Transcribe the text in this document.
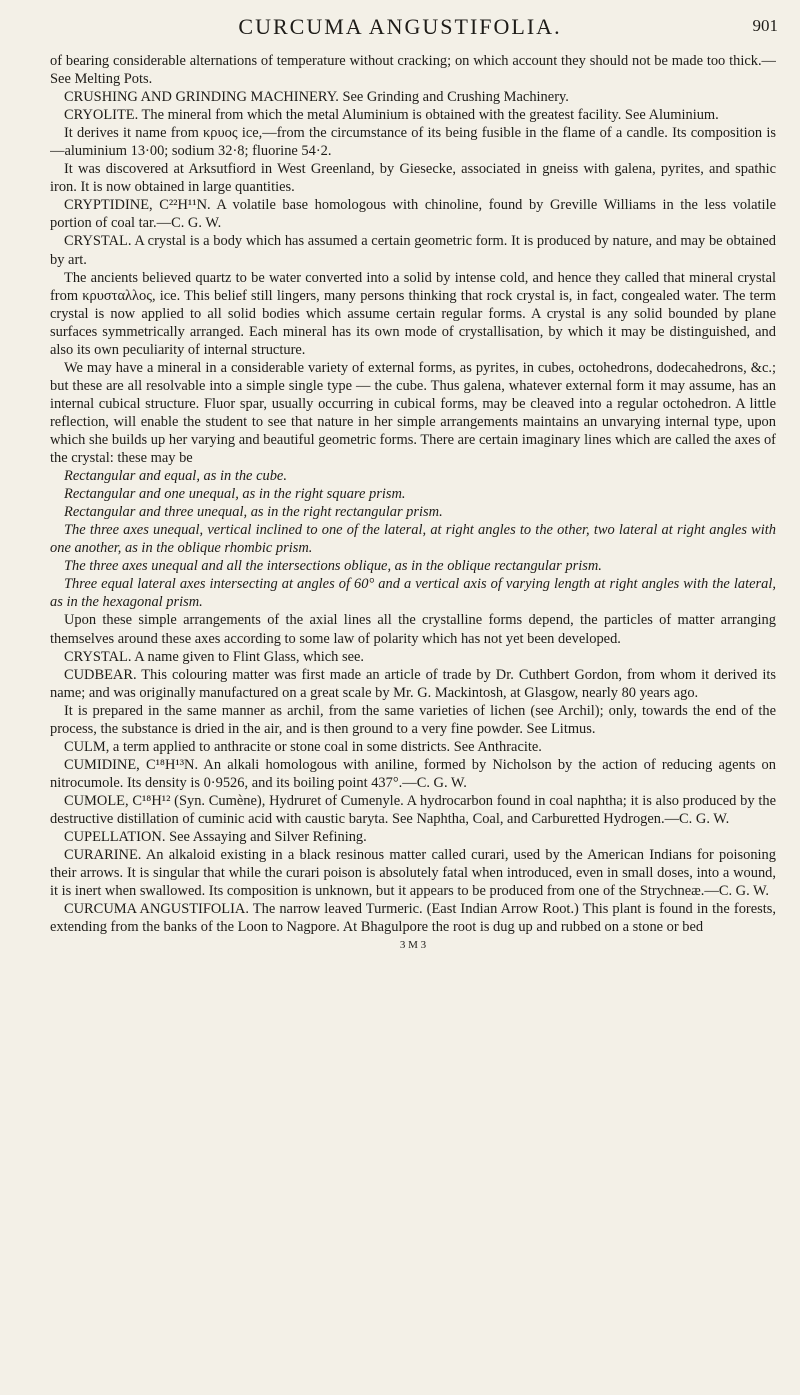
CURCUMA ANGUSTIFOLIA.	901

of bearing considerable alternations of temperature without cracking; on which account they should not be made too thick.—See Melting Pots.

CRUSHING AND GRINDING MACHINERY. See Grinding and Crushing Machinery.

CRYOLITE. The mineral from which the metal Aluminium is obtained with the greatest facility. See Aluminium.

It derives it name from κρυος ice,—from the circumstance of its being fusible in the flame of a candle. Its composition is—aluminium 13·00; sodium 32·8; fluorine 54·2.

It was discovered at Arksutfiord in West Greenland, by Giesecke, associated in gneiss with galena, pyrites, and spathic iron. It is now obtained in large quantities.

CRYPTIDINE, C²²H¹¹N. A volatile base homologous with chinoline, found by Greville Williams in the less volatile portion of coal tar.—C. G. W.

CRYSTAL. A crystal is a body which has assumed a certain geometric form. It is produced by nature, and may be obtained by art.

The ancients believed quartz to be water converted into a solid by intense cold, and hence they called that mineral crystal from κρυσταλλος, ice. This belief still lingers, many persons thinking that rock crystal is, in fact, congealed water. The term crystal is now applied to all solid bodies which assume certain regular forms. A crystal is any solid bounded by plane surfaces symmetrically arranged. Each mineral has its own mode of crystallisation, by which it may be distinguished, and also its own peculiarity of internal structure.

We may have a mineral in a considerable variety of external forms, as pyrites, in cubes, octohedrons, dodecahedrons, &c.; but these are all resolvable into a simple single type — the cube. Thus galena, whatever external form it may assume, has an internal cubical structure. Fluor spar, usually occurring in cubical forms, may be cleaved into a regular octohedron. A little reflection, will enable the student to see that nature in her simple arrangements maintains an unvarying internal type, upon which she builds up her varying and beautiful geometric forms. There are certain imaginary lines which are called the axes of the crystal: these may be

Rectangular and equal, as in the cube.

Rectangular and one unequal, as in the right square prism.

Rectangular and three unequal, as in the right rectangular prism.

The three axes unequal, vertical inclined to one of the lateral, at right angles to the other, two lateral at right angles with one another, as in the oblique rhombic prism.

The three axes unequal and all the intersections oblique, as in the oblique rectangular prism.

Three equal lateral axes intersecting at angles of 60° and a vertical axis of varying length at right angles with the lateral, as in the hexagonal prism.

Upon these simple arrangements of the axial lines all the crystalline forms depend, the particles of matter arranging themselves around these axes according to some law of polarity which has not yet been developed.

CRYSTAL. A name given to Flint Glass, which see.

CUDBEAR. This colouring matter was first made an article of trade by Dr. Cuthbert Gordon, from whom it derived its name; and was originally manufactured on a great scale by Mr. G. Mackintosh, at Glasgow, nearly 80 years ago.

It is prepared in the same manner as archil, from the same varieties of lichen (see Archil); only, towards the end of the process, the substance is dried in the air, and is then ground to a very fine powder. See Litmus.

CULM, a term applied to anthracite or stone coal in some districts. See Anthracite.

CUMIDINE, C¹⁸H¹³N. An alkali homologous with aniline, formed by Nicholson by the action of reducing agents on nitrocumole. Its density is 0·9526, and its boiling point 437°.—C. G. W.

CUMOLE, C¹⁸H¹² (Syn. Cumène), Hydruret of Cumenyle. A hydrocarbon found in coal naphtha; it is also produced by the destructive distillation of cuminic acid with caustic baryta. See Naphtha, Coal, and Carburetted Hydrogen.—C. G. W.

CUPELLATION. See Assaying and Silver Refining.

CURARINE. An alkaloid existing in a black resinous matter called curari, used by the American Indians for poisoning their arrows. It is singular that while the curari poison is absolutely fatal when introduced, even in small doses, into a wound, it is inert when swallowed. Its composition is unknown, but it appears to be produced from one of the Strychneæ.—C. G. W.

CURCUMA ANGUSTIFOLIA. The narrow leaved Turmeric. (East Indian Arrow Root.) This plant is found in the forests, extending from the banks of the Loon to Nagpore. At Bhagulpore the root is dug up and rubbed on a stone or bed

3 M 3
